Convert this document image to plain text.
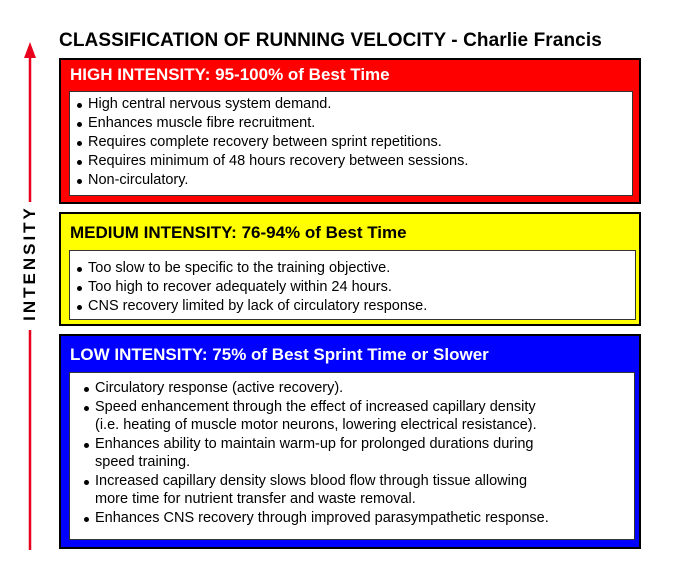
CLASSIFICATION OF RUNNING VELOCITY - Charlie Francis
INTENSITY
HIGH INTENSITY: 95-100% of Best Time
High central nervous system demand.
Enhances muscle fibre recruitment.
Requires complete recovery between sprint repetitions.
Requires minimum of 48 hours recovery between sessions.
Non-circulatory.
MEDIUM INTENSITY: 76-94% of Best Time
Too slow to be specific to the training objective.
Too high to recover adequately within 24 hours.
CNS recovery limited by lack of circulatory response.
LOW INTENSITY: 75% of Best Sprint Time or Slower
Circulatory response (active recovery).
Speed enhancement through the effect of increased capillary density
(i.e. heating of muscle motor neurons, lowering electrical resistance).
Enhances ability to maintain warm-up for prolonged durations during
speed training.
Increased capillary density slows blood flow through tissue allowing
more time for nutrient transfer and waste removal.
Enhances CNS recovery through improved parasympathetic response.
